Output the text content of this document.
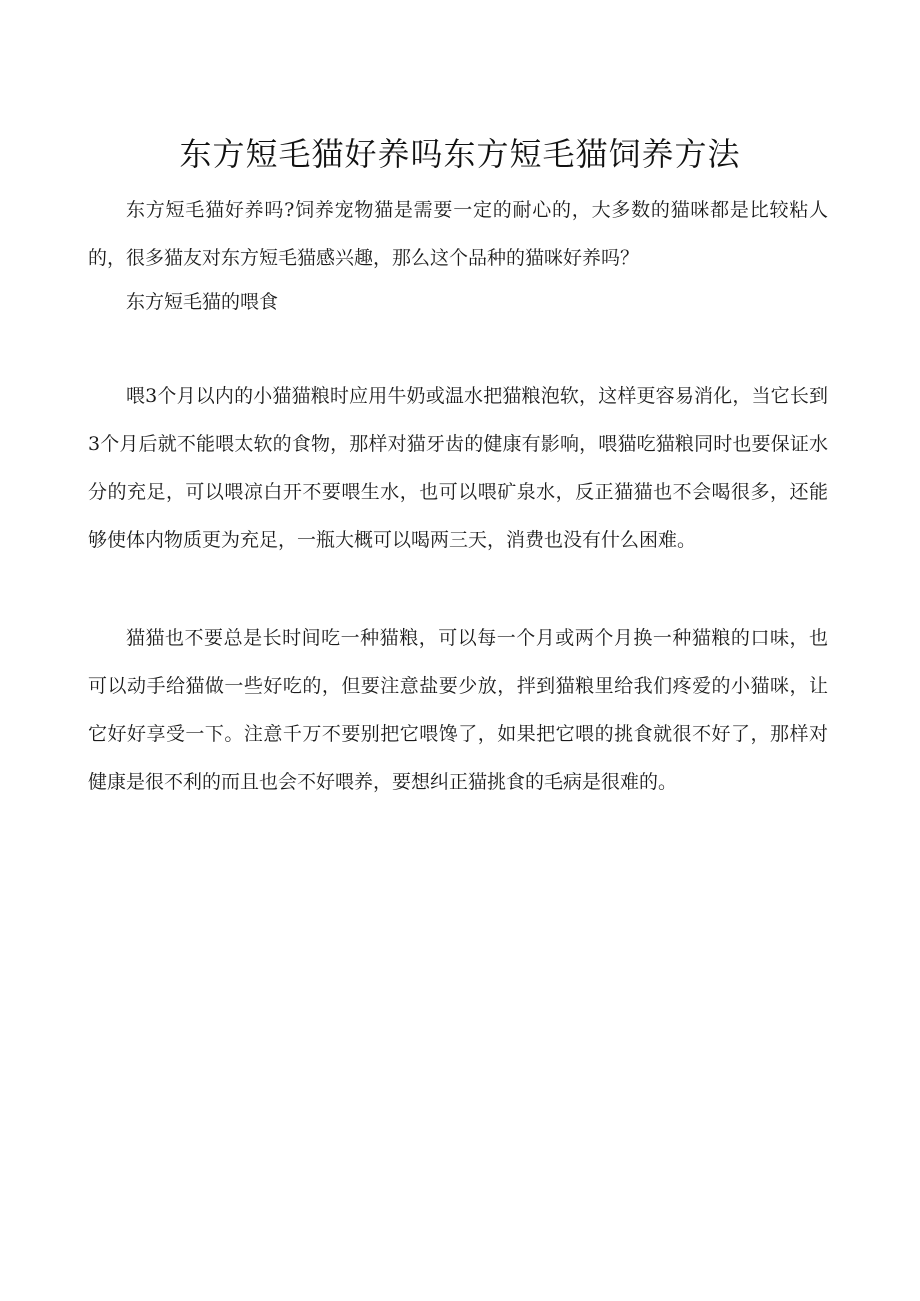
东方短毛猫好养吗东方短毛猫饲养方法

东方短毛猫好养吗?饲养宠物猫是需要一定的耐心的，大多数的猫咪都是比较粘人的，很多猫友对东方短毛猫感兴趣，那么这个品种的猫咪好养吗？

东方短毛猫的喂食

喂3个月以内的小猫猫粮时应用牛奶或温水把猫粮泡软，这样更容易消化，当它长到3个月后就不能喂太软的食物，那样对猫牙齿的健康有影响，喂猫吃猫粮同时也要保证水分的充足，可以喂凉白开不要喂生水，也可以喂矿泉水，反正猫猫也不会喝很多，还能够使体内物质更为充足，一瓶大概可以喝两三天，消费也没有什么困难。

猫猫也不要总是长时间吃一种猫粮，可以每一个月或两个月换一种猫粮的口味，也可以动手给猫做一些好吃的，但要注意盐要少放，拌到猫粮里给我们疼爱的小猫咪，让它好好享受一下。注意千万不要别把它喂馋了，如果把它喂的挑食就很不好了，那样对健康是很不利的而且也会不好喂养，要想纠正猫挑食的毛病是很难的。
